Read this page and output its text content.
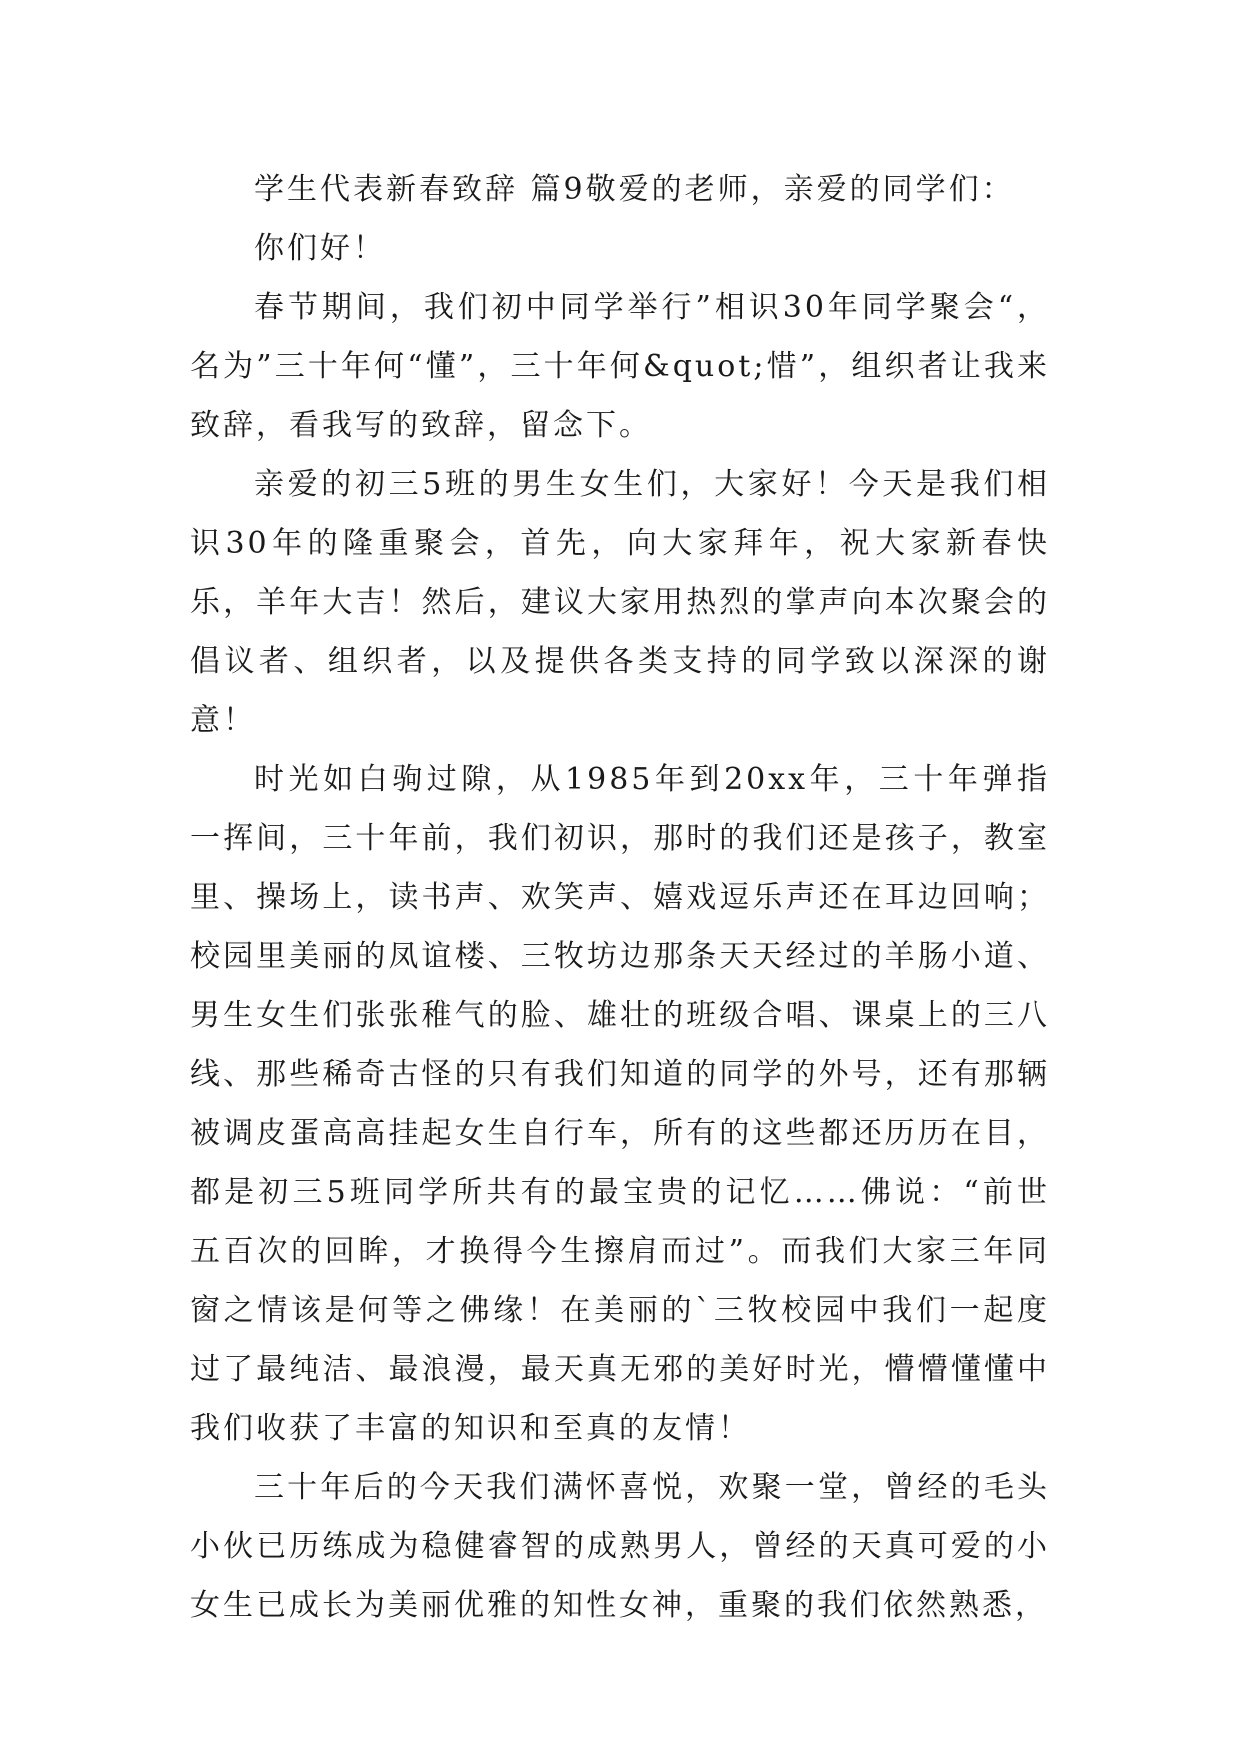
学生代表新春致辞 篇9敬爱的老师，亲爱的同学们：

你们好！

春节期间，我们初中同学举行”相识30年同学聚会“，名为”三十年何“懂”，三十年何&quot;惜”，组织者让我来致辞，看我写的致辞，留念下。

亲爱的初三5班的男生女生们，大家好！今天是我们相识30年的隆重聚会，首先，向大家拜年，祝大家新春快乐，羊年大吉！然后，建议大家用热烈的掌声向本次聚会的倡议者、组织者，以及提供各类支持的同学致以深深的谢意！

时光如白驹过隙，从1985年到20xx年，三十年弹指一挥间，三十年前，我们初识，那时的我们还是孩子，教室里、操场上，读书声、欢笑声、嬉戏逗乐声还在耳边回响；校园里美丽的凤谊楼、三牧坊边那条天天经过的羊肠小道、男生女生们张张稚气的脸、雄壮的班级合唱、课桌上的三八线、那些稀奇古怪的只有我们知道的同学的外号，还有那辆被调皮蛋高高挂起女生自行车，所有的这些都还历历在目，都是初三5班同学所共有的最宝贵的记忆……佛说：“前世五百次的回眸，才换得今生擦肩而过”。而我们大家三年同窗之情该是何等之佛缘！在美丽的`三牧校园中我们一起度过了最纯洁、最浪漫，最天真无邪的美好时光，懵懵懂懂中我们收获了丰富的知识和至真的友情！

三十年后的今天我们满怀喜悦，欢聚一堂，曾经的毛头小伙已历练成为稳健睿智的成熟男人，曾经的天真可爱的小女生已成长为美丽优雅的知性女神，重聚的我们依然熟悉，
